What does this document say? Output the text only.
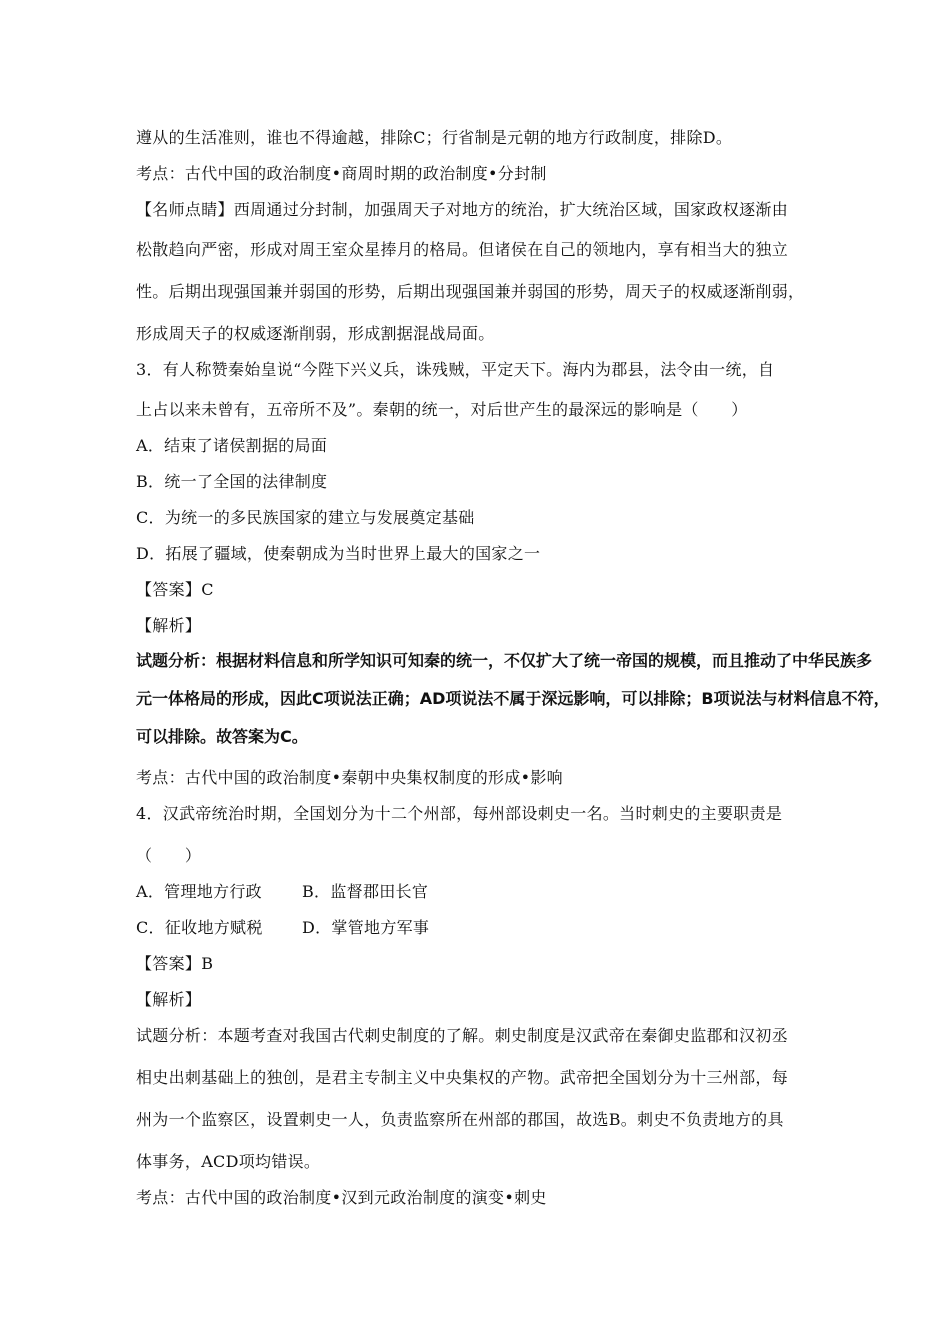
遵从的生活准则，谁也不得逾越，排除C；行省制是元朝的地方行政制度，排除D。
考点：古代中国的政治制度•商周时期的政治制度•分封制
【名师点睛】西周通过分封制，加强周天子对地方的统治，扩大统治区域，国家政权逐渐由
松散趋向严密，形成对周王室众星捧月的格局。但诸侯在自己的领地内，享有相当大的独立
性。后期出现强国兼并弱国的形势，后期出现强国兼并弱国的形势，周天子的权威逐渐削弱，
形成周天子的权威逐渐削弱，形成割据混战局面。
3．有人称赞秦始皇说“今陛下兴义兵，诛残贼，平定天下。海内为郡县，法令由一统，自
上占以来未曾有，五帝所不及”。秦朝的统一，对后世产生的最深远的影响是（　　）
A．结束了诸侯割据的局面
B．统一了全国的法律制度
C．为统一的多民族国家的建立与发展奠定基础
D．拓展了疆域，使秦朝成为当时世界上最大的国家之一
【答案】C
【解析】
试题分析：根据材料信息和所学知识可知秦的统一，不仅扩大了统一帝国的规模，而且推动了中华民族多
元一体格局的形成，因此C项说法正确；AD项说法不属于深远影响，可以排除；B项说法与材料信息不符，
可以排除。故答案为C。
考点：古代中国的政治制度•秦朝中央集权制度的形成•影响
4．汉武帝统治时期，全国划分为十二个州部，每州部设刺史一名。当时刺史的主要职责是
（　　）
A．管理地方行政	B．监督郡田长官
C．征收地方赋税 D．掌管地方军事
【答案】B
【解析】
试题分析：本题考查对我国古代刺史制度的了解。刺史制度是汉武帝在秦御史监郡和汉初丞
相史出刺基础上的独创，是君主专制主义中央集权的产物。武帝把全国划分为十三州部，每
州为一个监察区，设置刺史一人，负责监察所在州部的郡国，故选B。刺史不负责地方的具
体事务，ACD项均错误。
考点：古代中国的政治制度•汉到元政治制度的演变•刺史
